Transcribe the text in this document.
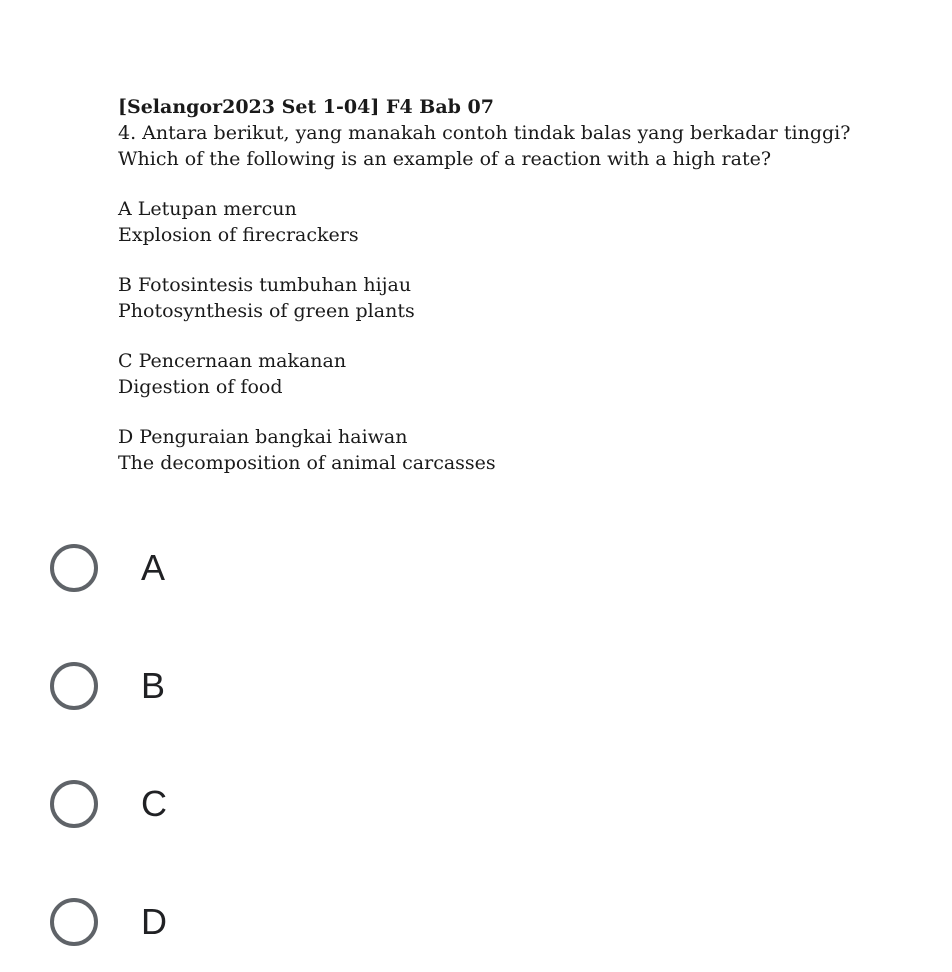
[Selangor2023 Set 1-04] F4 Bab 07

4. Antara berikut, yang manakah contoh tindak balas yang berkadar tinggi?

Which of the following is an example of a reaction with a high rate?

A Letupan mercun

Explosion of firecrackers

B Fotosintesis tumbuhan hijau

Photosynthesis of green plants

C Pencernaan makanan

Digestion of food

D Penguraian bangkai haiwan

The decomposition of animal carcasses

A
B
C
D
